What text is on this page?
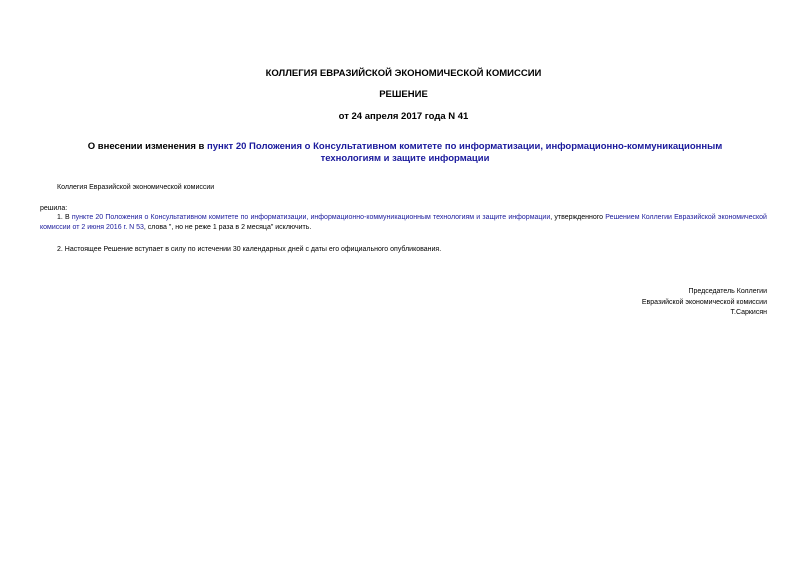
КОЛЛЕГИЯ ЕВРАЗИЙСКОЙ ЭКОНОМИЧЕСКОЙ КОМИССИИ
РЕШЕНИЕ
от 24 апреля 2017 года N 41
О внесении изменения в пункт 20 Положения о Консультативном комитете по информатизации, информационно-коммуникационным технологиям и защите информации
Коллегия Евразийской экономической комиссии
решила:
1. В пункте 20 Положения о Консультативном комитете по информатизации, информационно-коммуникационным технологиям и защите информации, утвержденного Решением Коллегии Евразийской экономической комиссии от 2 июня 2016 г. N 53, слова ", но не реже 1 раза в 2 месяца" исключить.
2. Настоящее Решение вступает в силу по истечении 30 календарных дней с даты его официального опубликования.
Председатель Коллегии
Евразийской экономической комиссии
Т.Саркисян
